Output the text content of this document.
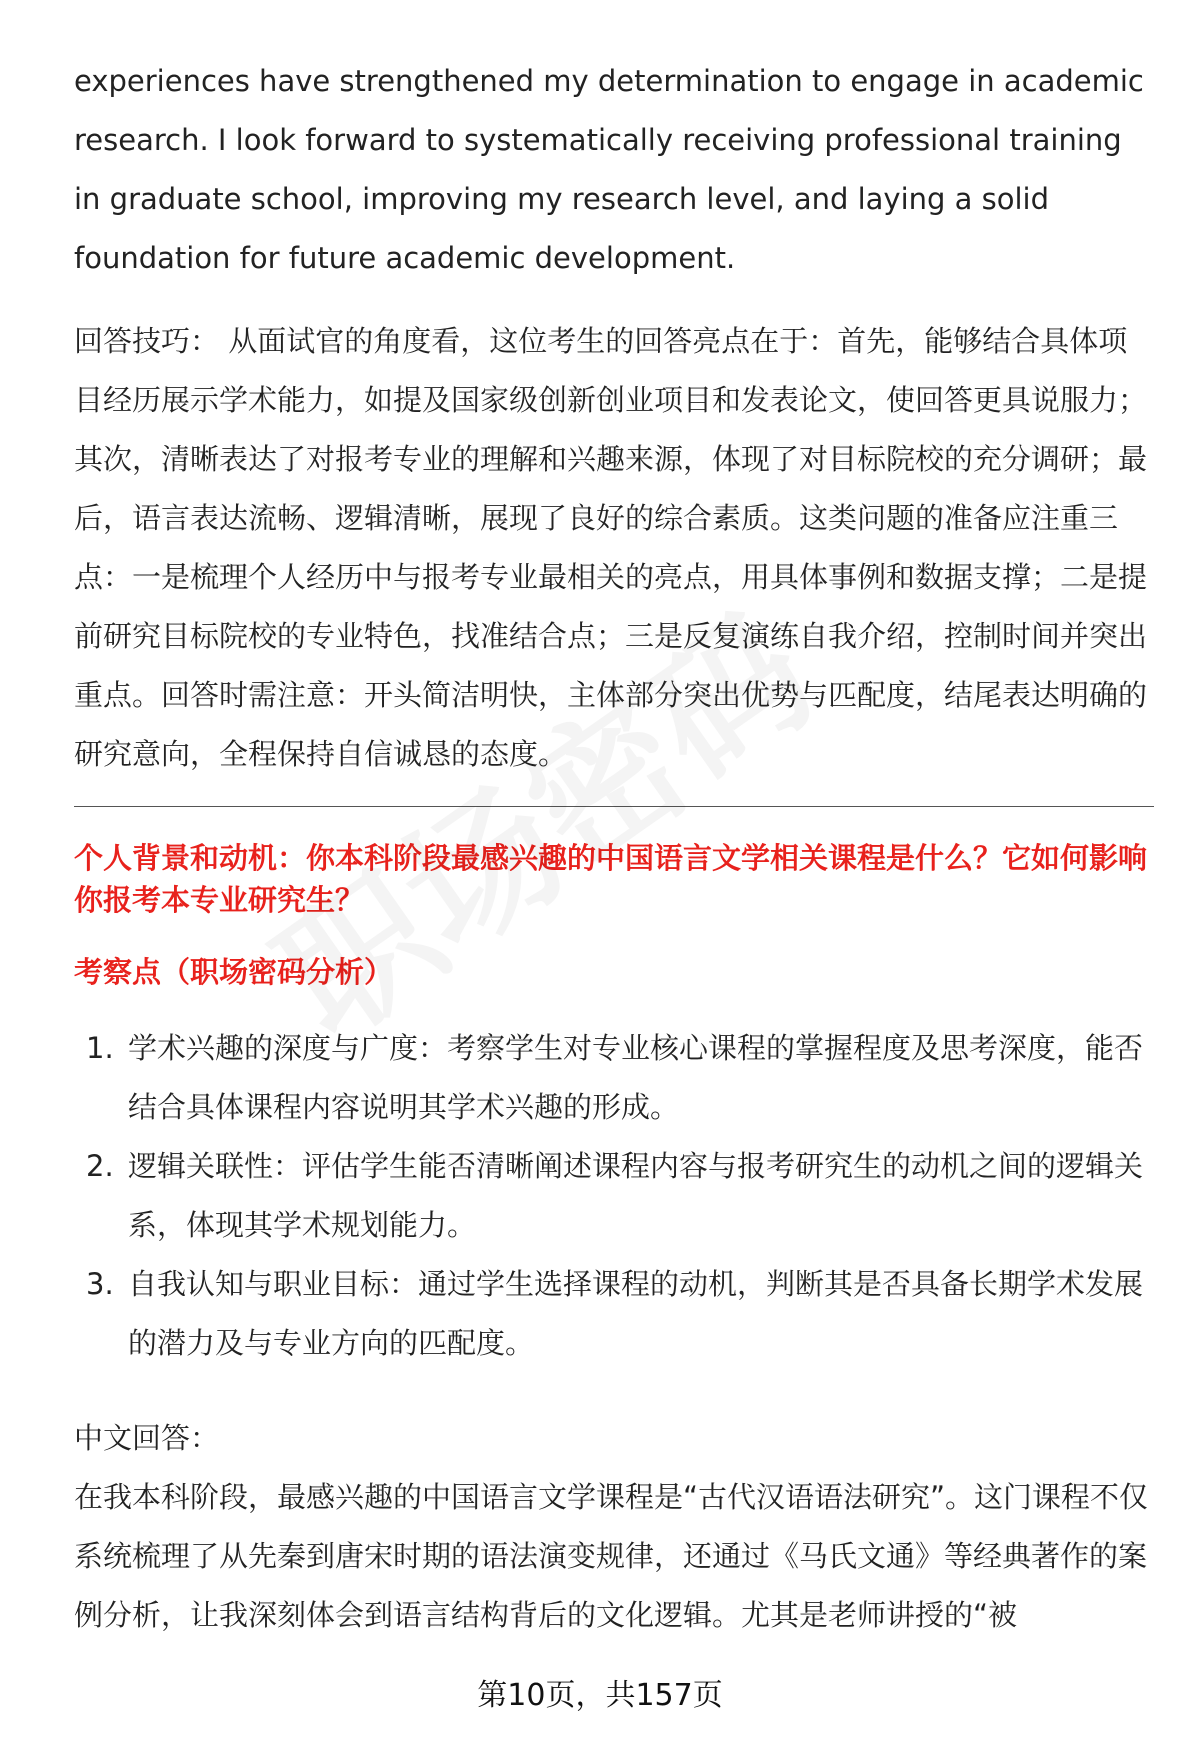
experiences have strengthened my determination to engage in academic research. I look forward to systematically receiving professional training in graduate school, improving my research level, and laying a solid foundation for future academic development.

回答技巧： 从面试官的角度看，这位考生的回答亮点在于：首先，能够结合具体项目经历展示学术能力，如提及国家级创新创业项目和发表论文，使回答更具说服力；其次，清晰表达了对报考专业的理解和兴趣来源，体现了对目标院校的充分调研；最后，语言表达流畅、逻辑清晰，展现了良好的综合素质。这类问题的准备应注重三点：一是梳理个人经历中与报考专业最相关的亮点，用具体事例和数据支撑；二是提前研究目标院校的专业特色，找准结合点；三是反复演练自我介绍，控制时间并突出重点。回答时需注意：开头简洁明快，主体部分突出优势与匹配度，结尾表达明确的研究意向，全程保持自信诚恳的态度。

个人背景和动机：你本科阶段最感兴趣的中国语言文学相关课程是什么？它如何影响你报考本专业研究生？
考察点（职场密码分析）
1. 学术兴趣的深度与广度：考察学生对专业核心课程的掌握程度及思考深度，能否结合具体课程内容说明其学术兴趣的形成。
2. 逻辑关联性：评估学生能否清晰阐述课程内容与报考研究生的动机之间的逻辑关系，体现其学术规划能力。
3. 自我认知与职业目标：通过学生选择课程的动机，判断其是否具备长期学术发展的潜力及与专业方向的匹配度。

中文回答：

在我本科阶段，最感兴趣的中国语言文学课程是“古代汉语语法研究”。这门课程不仅系统梳理了从先秦到唐宋时期的语法演变规律，还通过《马氏文通》等经典著作的案例分析，让我深刻体会到语言结构背后的文化逻辑。尤其是老师讲授的“被

第10页，共157页
